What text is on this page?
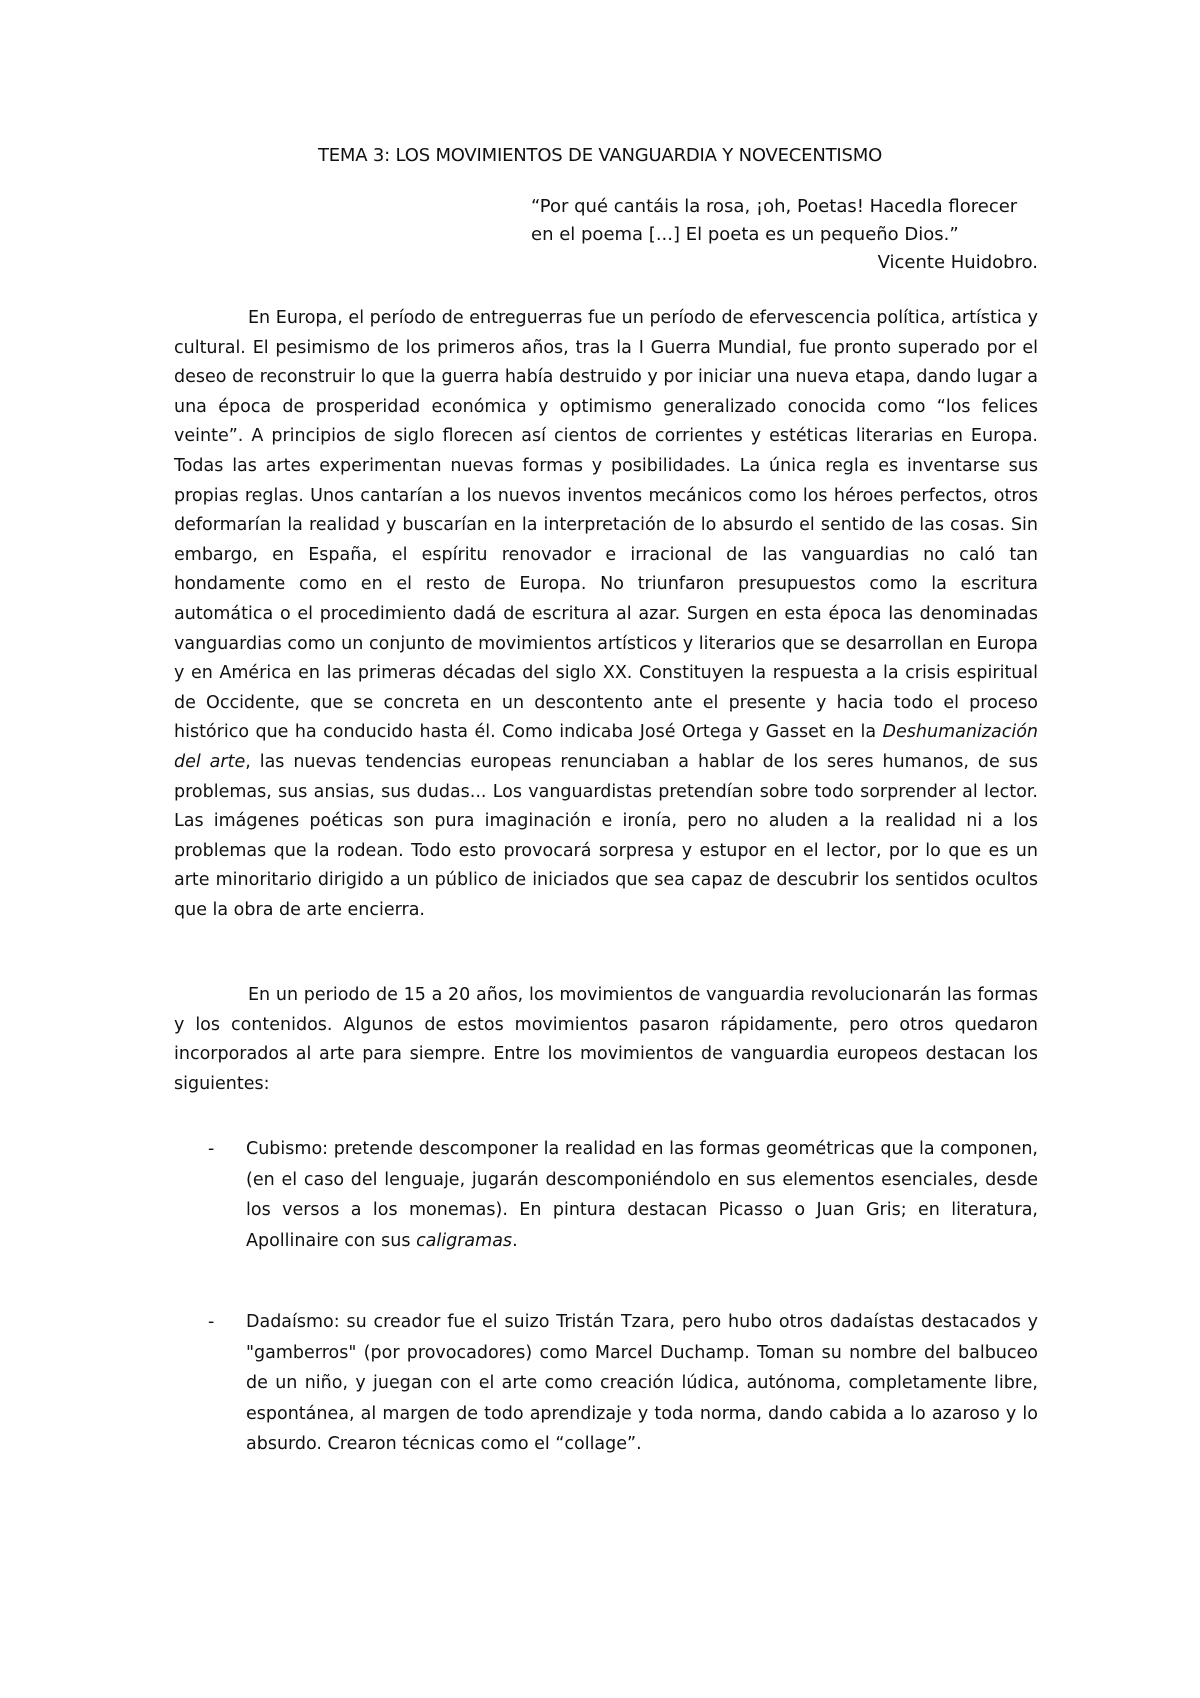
TEMA 3: LOS MOVIMIENTOS DE VANGUARDIA Y NOVECENTISMO
“Por qué cantáis la rosa, ¡oh, Poetas! Hacedla florecer
en el poema [...] El poeta es un pequeño Dios.”
Vicente Huidobro.

En Europa, el período de entreguerras fue un período de efervescencia política, artística y cultural. El pesimismo de los primeros años, tras la I Guerra Mundial, fue pronto superado por el deseo de reconstruir lo que la guerra había destruido y por iniciar una nueva etapa, dando lugar a una época de prosperidad económica y optimismo generalizado conocida como “los felices veinte”. A principios de siglo florecen así cientos de corrientes y estéticas literarias en Europa. Todas las artes experimentan nuevas formas y posibilidades. La única regla es inventarse sus propias reglas. Unos cantarían a los nuevos inventos mecánicos como los héroes perfectos, otros deformarían la realidad y buscarían en la interpretación de lo absurdo el sentido de las cosas. Sin embargo, en España, el espíritu renovador e irracional de las vanguardias no caló tan hondamente como en el resto de Europa. No triunfaron presupuestos como la escritura automática o el procedimiento dadá de escritura al azar. Surgen en esta época las denominadas vanguardias como un conjunto de movimientos artísticos y literarios que se desarrollan en Europa y en América en las primeras décadas del siglo XX. Constituyen la respuesta a la crisis espiritual de Occidente, que se concreta en un descontento ante el presente y hacia todo el proceso histórico que ha conducido hasta él. Como indicaba José Ortega y Gasset en la Deshumanización del arte, las nuevas tendencias europeas renunciaban a hablar de los seres humanos, de sus problemas, sus ansias, sus dudas... Los vanguardistas pretendían sobre todo sorprender al lector. Las imágenes poéticas son pura imaginación e ironía, pero no aluden a la realidad ni a los problemas que la rodean. Todo esto provocará sorpresa y estupor en el lector, por lo que es un arte minoritario dirigido a un público de iniciados que sea capaz de descubrir los sentidos ocultos que la obra de arte encierra.

En un periodo de 15 a 20 años, los movimientos de vanguardia revolucionarán las formas y los contenidos. Algunos de estos movimientos pasaron rápidamente, pero otros quedaron incorporados al arte para siempre. Entre los movimientos de vanguardia europeos destacan los siguientes:

- Cubismo: pretende descomponer la realidad en las formas geométricas que la componen, (en el caso del lenguaje, jugarán descomponiéndolo en sus elementos esenciales, desde los versos a los monemas). En pintura destacan Picasso o Juan Gris; en literatura, Apollinaire con sus caligramas.
- Dadaísmo: su creador fue el suizo Tristán Tzara, pero hubo otros dadaístas destacados y "gamberros" (por provocadores) como Marcel Duchamp. Toman su nombre del balbuceo de un niño, y juegan con el arte como creación lúdica, autónoma, completamente libre, espontánea, al margen de todo aprendizaje y toda norma, dando cabida a lo azaroso y lo absurdo. Crearon técnicas como el “collage”.
